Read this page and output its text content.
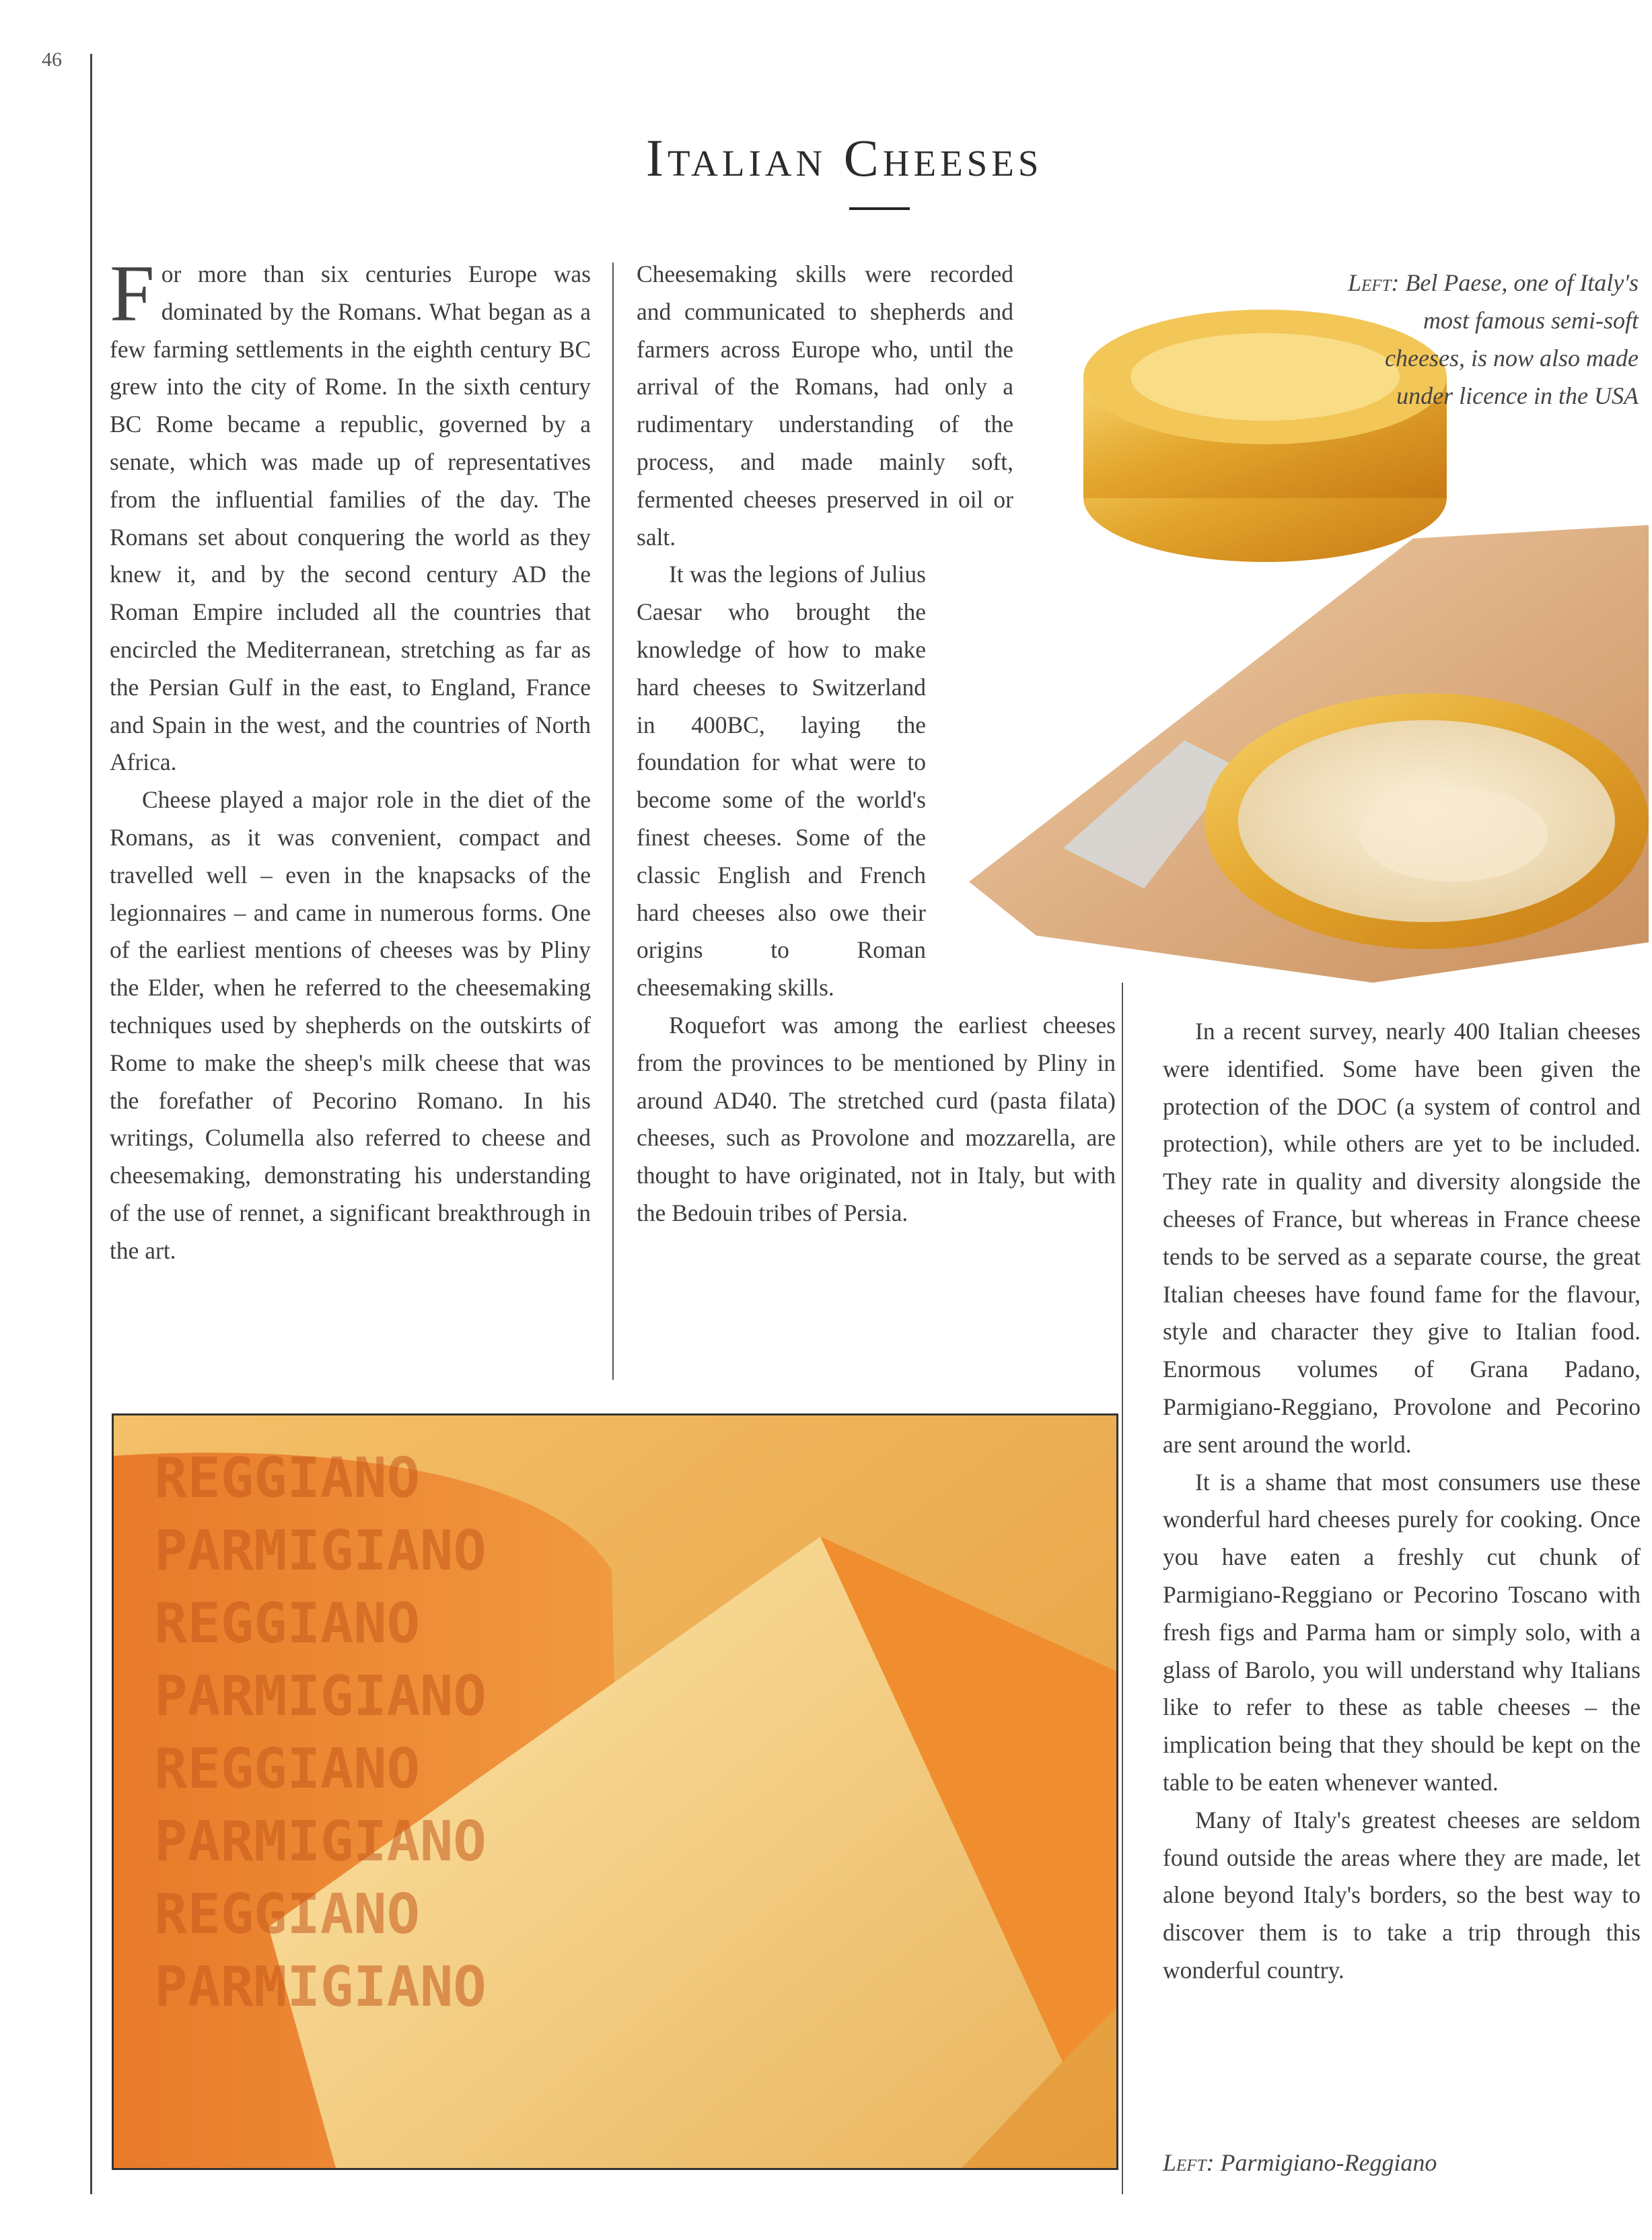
46
Italian Cheeses

For more than six centuries Europe was dominated by the Romans. What began as a few farming settlements in the eighth century BC grew into the city of Rome. In the sixth century BC Rome became a republic, governed by a senate, which was made up of representatives from the influential families of the day. The Romans set about conquering the world as they knew it, and by the second century AD the Roman Empire included all the countries that encircled the Mediterranean, stretching as far as the Persian Gulf in the east, to England, France and Spain in the west, and the countries of North Africa.

Cheese played a major role in the diet of the Romans, as it was convenient, compact and travelled well – even in the knapsacks of the legionnaires – and came in numerous forms. One of the earliest mentions of cheeses was by Pliny the Elder, when he referred to the cheesemaking techniques used by shepherds on the outskirts of Rome to make the sheep's milk cheese that was the forefather of Pecorino Romano. In his writings, Columella also referred to cheese and cheesemaking, demonstrating his understanding of the use of rennet, a significant breakthrough in the art.

Left: Bel Paese, one of Italy's most famous semi-soft cheeses, is now also made under licence in the USA

Cheesemaking skills were recorded and communicated to shepherds and farmers across Europe who, until the arrival of the Romans, had only a rudimentary understanding of the process, and made mainly soft, fermented cheeses preserved in oil or salt.

It was the legions of Julius Caesar who brought the knowledge of how to make hard cheeses to Switzerland in 400BC, laying the foundation for what were to become some of the world's finest cheeses. Some of the classic English and French hard cheeses also owe their origins to Roman cheesemaking skills.

Roquefort was among the earliest cheeses from the provinces to be mentioned by Pliny in around AD40. The stretched curd (pasta filata) cheeses, such as Provolone and mozzarella, are thought to have originated, not in Italy, but with the Bedouin tribes of Persia.

In a recent survey, nearly 400 Italian cheeses were identified. Some have been given the protection of the DOC (a system of control and protection), while others are yet to be included. They rate in quality and diversity alongside the cheeses of France, but whereas in France cheese tends to be served as a separate course, the great Italian cheeses have found fame for the flavour, style and character they give to Italian food. Enormous volumes of Grana Padano, Parmigiano-Reggiano, Provolone and Pecorino are sent around the world.

It is a shame that most consumers use these wonderful hard cheeses purely for cooking. Once you have eaten a freshly cut chunk of Parmigiano-Reggiano or Pecorino Toscano with fresh figs and Parma ham or simply solo, with a glass of Barolo, you will understand why Italians like to refer to these as table cheeses – the implication being that they should be kept on the table to be eaten whenever wanted.

Many of Italy's greatest cheeses are seldom found outside the areas where they are made, let alone beyond Italy's borders, so the best way to discover them is to take a trip through this wonderful country.

REGGIANO
PARMIGIANO
REGGIANO
PARMIGIANO
REGGIANO
PARMIGIANO
REGGIANO
PARMIGIANO
Left: Parmigiano-Reggiano
